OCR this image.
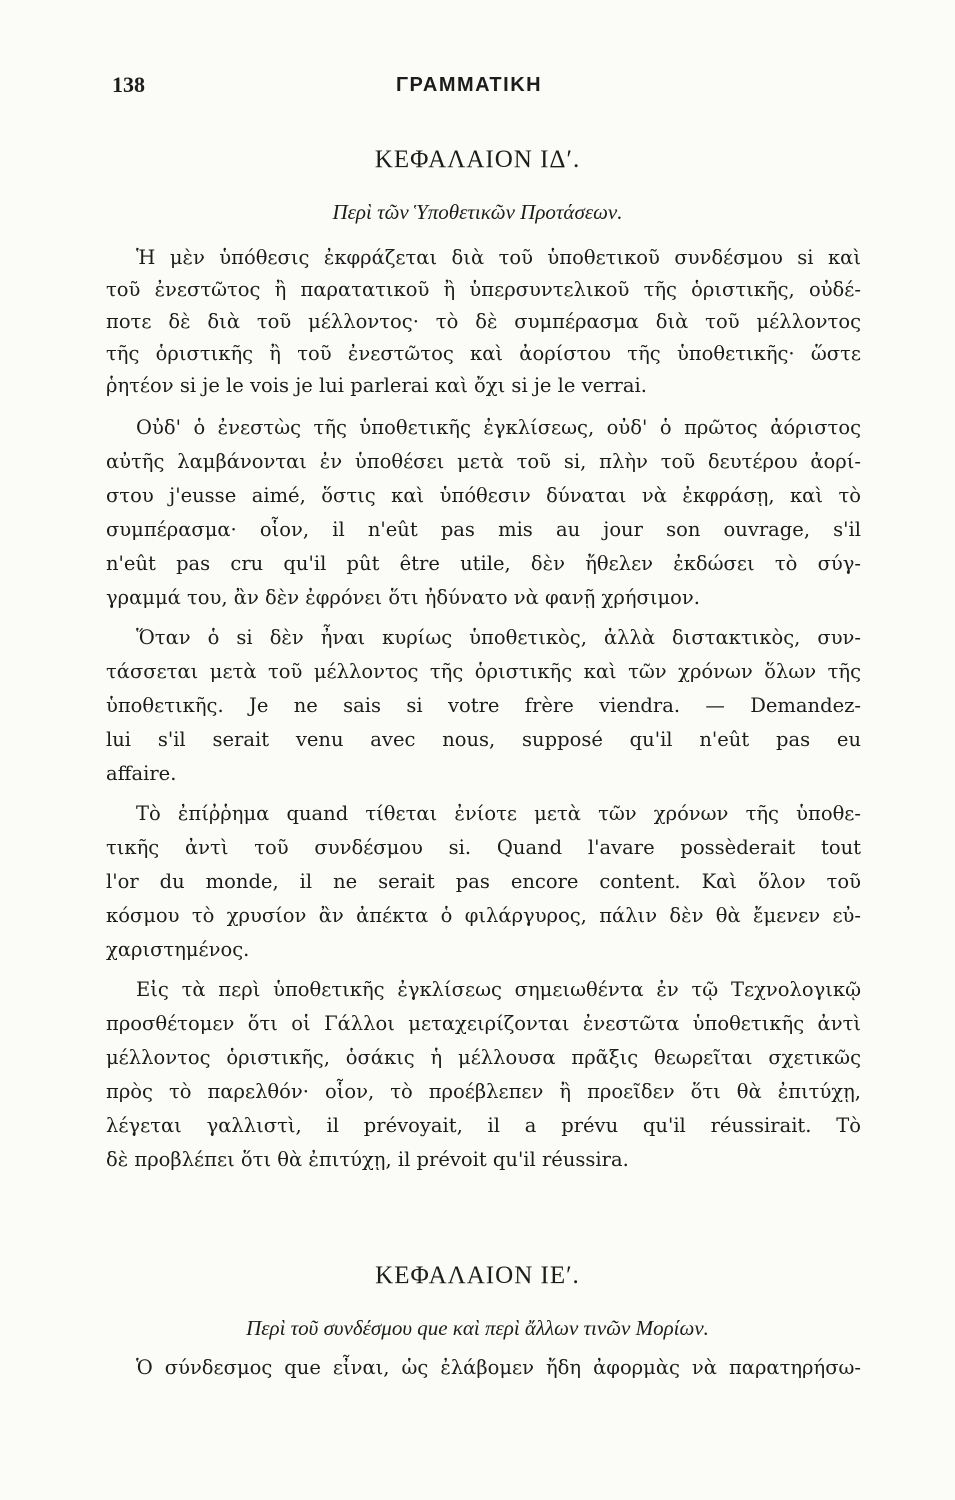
138	ΓΡΑΜΜΑΤΙΚΗ
ΚΕΦΑΛΑΙΟΝ ΙΔʹ.
Περὶ τῶν Ὑποθετικῶν Προτάσεων.
Ἡ μὲν ὑπόθεσις ἐκφράζεται διὰ τοῦ ὑποθετικοῦ συνδέσμου si καὶ
τοῦ ἐνεστῶτος ἢ παρατατικοῦ ἢ ὑπερσυντελικοῦ τῆς ὁριστικῆς, οὐδέ-
ποτε δὲ διὰ τοῦ μέλλοντος· τὸ δὲ συμπέρασμα διὰ τοῦ μέλλοντος
τῆς ὁριστικῆς ἢ τοῦ ἐνεστῶτος καὶ ἀορίστου τῆς ὑποθετικῆς· ὥστε
ῥητέον si je le vois je lui parlerai καὶ ὄχι si je le verrai.
Οὐδ' ὁ ἐνεστὼς τῆς ὑποθετικῆς ἐγκλίσεως, οὐδ' ὁ πρῶτος ἀόριστος
αὐτῆς λαμβάνονται ἐν ὑποθέσει μετὰ τοῦ si, πλὴν τοῦ δευτέρου ἀορί-
στου j'eusse aimé, ὅστις καὶ ὑπόθεσιν δύναται νὰ ἐκφράσῃ, καὶ τὸ
συμπέρασμα· οἷον, il n'eût pas mis au jour son ouvrage, s'il
n'eût pas cru qu'il pût être utile, δὲν ἤθελεν ἐκδώσει τὸ σύγ-
γραμμά του, ἂν δὲν ἐφρόνει ὅτι ἠδύνατο νὰ φανῇ χρήσιμον.
Ὅταν ὁ si δὲν ἦναι κυρίως ὑποθετικὸς, ἀλλὰ διστακτικὸς, συν-
τάσσεται μετὰ τοῦ μέλλοντος τῆς ὁριστικῆς καὶ τῶν χρόνων ὅλων τῆς
ὑποθετικῆς. Je ne sais si votre frère viendra. — Demandez-
lui s'il serait venu avec nous, supposé qu'il n'eût pas eu
affaire.
Τὸ ἐπίῤῥημα quand τίθεται ἐνίοτε μετὰ τῶν χρόνων τῆς ὑποθε-
τικῆς ἀντὶ τοῦ συνδέσμου si. Quand l'avare possèderait tout
l'or du monde, il ne serait pas encore content. Καὶ ὅλον τοῦ
κόσμου τὸ χρυσίον ἂν ἀπέκτα ὁ φιλάργυρος, πάλιν δὲν θὰ ἔμενεν εὐ-
χαριστημένος.
Εἰς τὰ περὶ ὑποθετικῆς ἐγκλίσεως σημειωθέντα ἐν τῷ Τεχνολογικῷ
προσθέτομεν ὅτι οἱ Γάλλοι μεταχειρίζονται ἐνεστῶτα ὑποθετικῆς ἀντὶ
μέλλοντος ὁριστικῆς, ὁσάκις ἡ μέλλουσα πρᾶξις θεωρεῖται σχετικῶς
πρὸς τὸ παρελθόν· οἷον, τὸ προέβλεπεν ἢ προεῖδεν ὅτι θὰ ἐπιτύχῃ,
λέγεται γαλλιστὶ, il prévoyait, il a prévu qu'il réussirait. Τὸ
δὲ προβλέπει ὅτι θὰ ἐπιτύχῃ, il prévoit qu'il réussira.
ΚΕΦΑΛΑΙΟΝ ΙΕʹ.
Περὶ τοῦ συνδέσμου que καὶ περὶ ἄλλων τινῶν Μορίων.
Ὁ σύνδεσμος que εἶναι, ὡς ἐλάβομεν ἤδη ἀφορμὰς νὰ παρατηρήσω-
